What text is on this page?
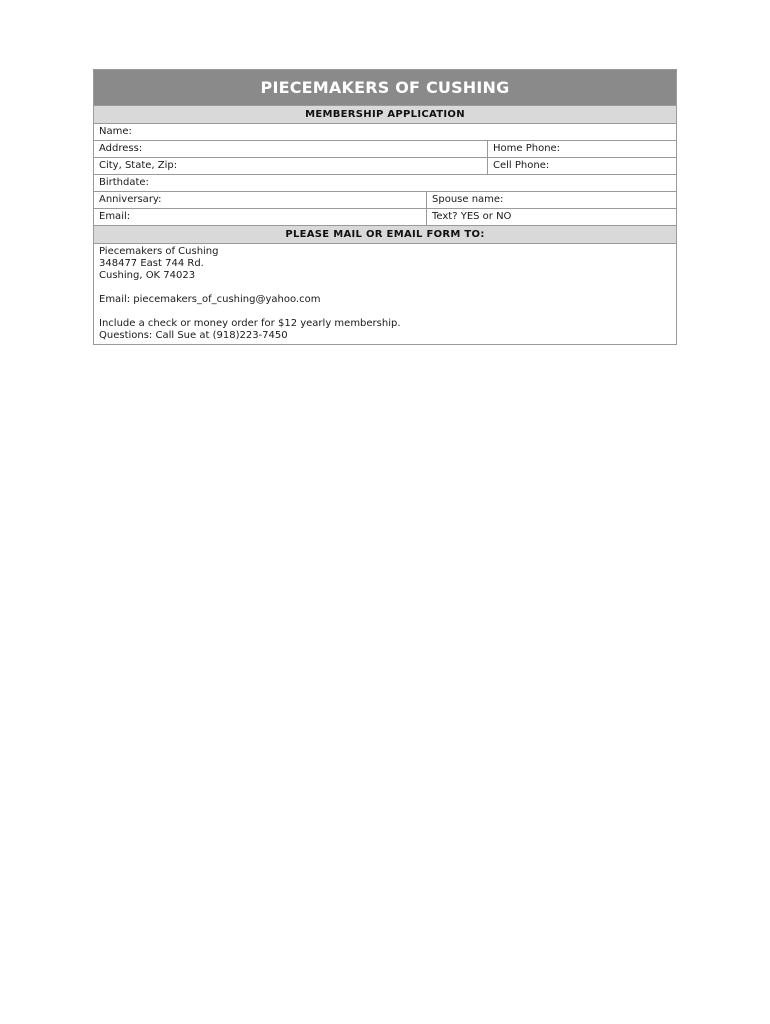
PIECEMAKERS OF CUSHING
MEMBERSHIP APPLICATION
Name:
Address:	Home Phone:
City, State, Zip:	Cell Phone:
Birthdate:
Anniversary:	Spouse name:
Email:	Text? YES or NO
PLEASE MAIL OR EMAIL FORM TO:
Piecemakers of Cushing
348477 East 744 Rd.
Cushing, OK 74023
Email: piecemakers_of_cushing@yahoo.com
Include a check or money order for $12 yearly membership.
Questions: Call Sue at (918)223-7450
